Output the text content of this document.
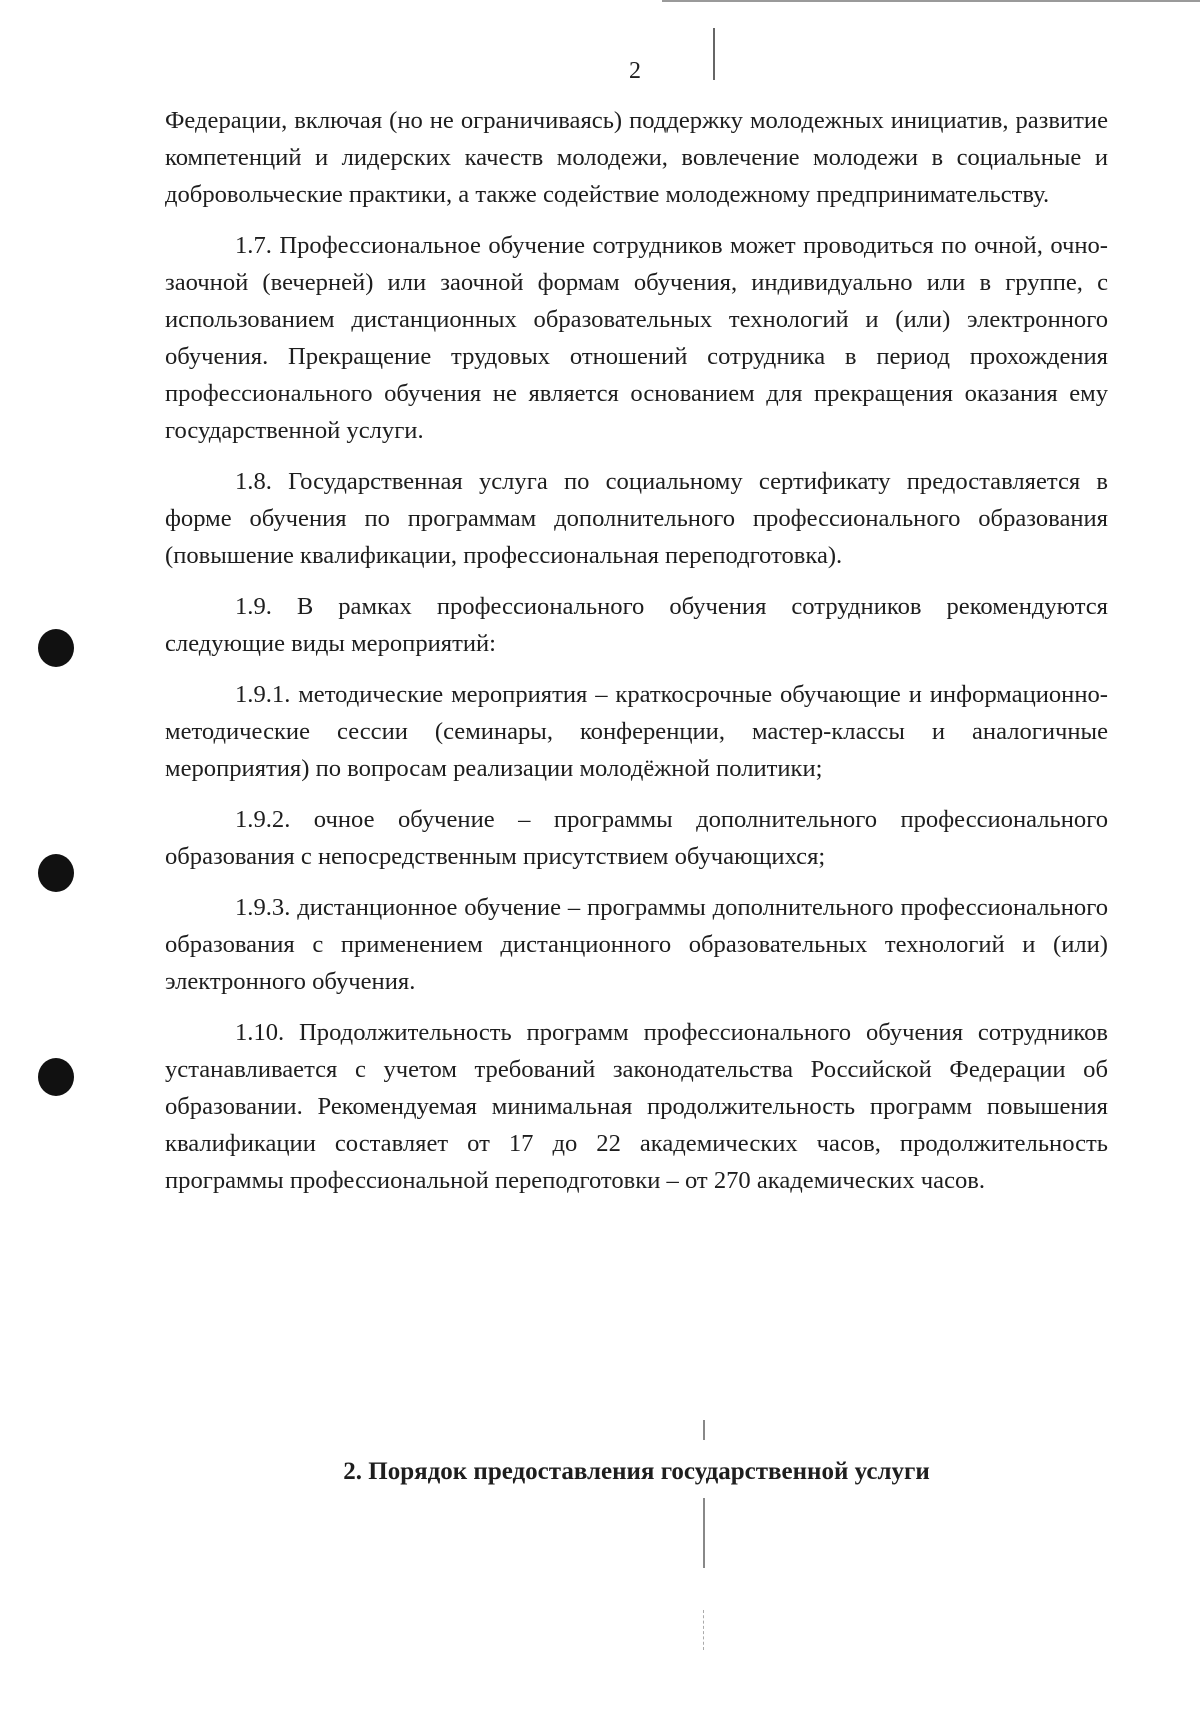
2

Федерации, включая (но не ограничиваясь) поддержку молодежных инициатив, развитие компетенций и лидерских качеств молодежи, вовлечение молодежи в социальные и добровольческие практики, а также содействие молодежному предпринимательству.

1.7. Профессиональное обучение сотрудников может проводиться по очной, очно-заочной (вечерней) или заочной формам обучения, индивидуально или в группе, с использованием дистанционных образовательных технологий и (или) электронного обучения. Прекращение трудовых отношений сотрудника в период прохождения профессионального обучения не является основанием для прекращения оказания ему государственной услуги.

1.8. Государственная услуга по социальному сертификату предоставляется в форме обучения по программам дополнительного профессионального образования (повышение квалификации, профессиональная переподготовка).

1.9. В рамках профессионального обучения сотрудников рекомендуются следующие виды мероприятий:

1.9.1. методические мероприятия – краткосрочные обучающие и информационно-методические сессии (семинары, конференции, мастер-классы и аналогичные мероприятия) по вопросам реализации молодёжной политики;

1.9.2. очное обучение – программы дополнительного профессионального образования с непосредственным присутствием обучающихся;

1.9.3. дистанционное обучение – программы дополнительного профессионального образования с применением дистанционного образовательных технологий и (или) электронного обучения.

1.10. Продолжительность программ профессионального обучения сотрудников устанавливается с учетом требований законодательства Российской Федерации об образовании. Рекомендуемая минимальная продолжительность программ повышения квалификации составляет от 17 до 22 академических часов, продолжительность программы профессиональной переподготовки – от 270 академических часов.

2. Порядок предоставления государственной услуги
